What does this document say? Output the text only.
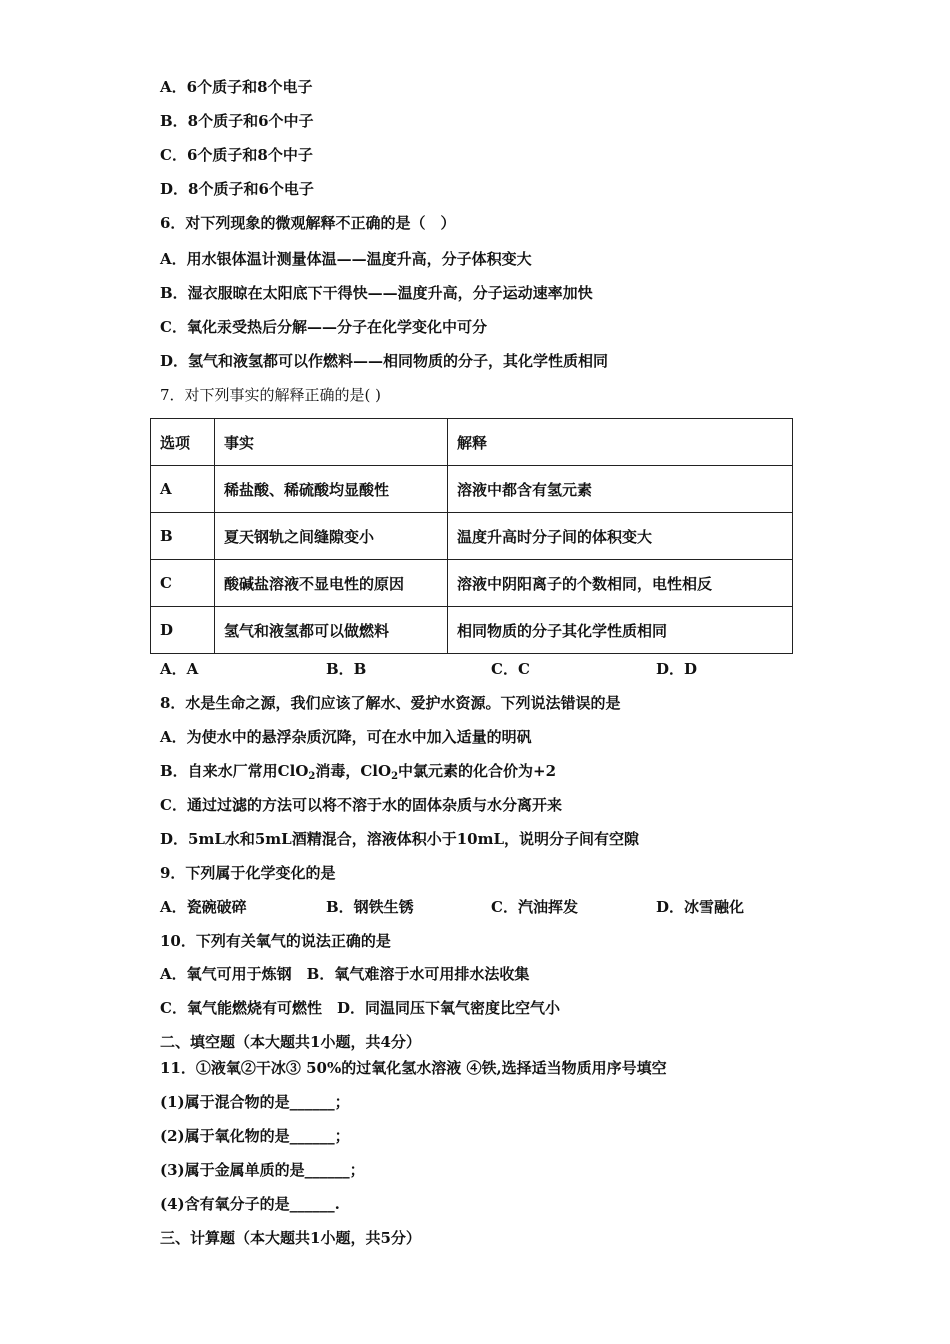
A．6个质子和8个电子
B．8个质子和6个中子
C．6个质子和8个中子
D．8个质子和6个电子
6．对下列现象的微观解释不正确的是（　）
A．用水银体温计测量体温——温度升高，分子体积变大
B．湿衣服晾在太阳底下干得快——温度升高，分子运动速率加快
C．氧化汞受热后分解——分子在化学变化中可分
D．氢气和液氢都可以作燃料——相同物质的分子，其化学性质相同
7．对下列事实的解释正确的是( )
选项	事实	解释
A	稀盐酸、稀硫酸均显酸性	溶液中都含有氢元素
B	夏天钢轨之间缝隙变小	温度升高时分子间的体积变大
C	酸碱盐溶液不显电性的原因	溶液中阴阳离子的个数相同，电性相反
D	氢气和液氢都可以做燃料	相同物质的分子其化学性质相同
A．A	B．B	C．C	D．D
8．水是生命之源，我们应该了解水、爱护水资源。下列说法错误的是
A．为使水中的悬浮杂质沉降，可在水中加入适量的明矾
B．自来水厂常用ClO$_2$消毒，ClO$_2$中氯元素的化合价为+2
C．通过过滤的方法可以将不溶于水的固体杂质与水分离开来
D．5mL水和5mL酒精混合，溶液体积小于10mL，说明分子间有空隙
9．下列属于化学变化的是
A．瓷碗破碎	B．钢铁生锈	C．汽油挥发	D．冰雪融化
10．下列有关氧气的说法正确的是
A．氧气可用于炼钢　B．氧气难溶于水可用排水法收集
C．氧气能燃烧有可燃性　D．同温同压下氧气密度比空气小
二、填空题（本大题共1小题，共4分）
11．①液氧②干冰③ 50%的过氧化氢水溶液 ④铁,选择适当物质用序号填空
(1)属于混合物的是______；
(2)属于氧化物的是______；
(3)属于金属单质的是______；
(4)含有氧分子的是______.
三、计算题（本大题共1小题，共5分）
